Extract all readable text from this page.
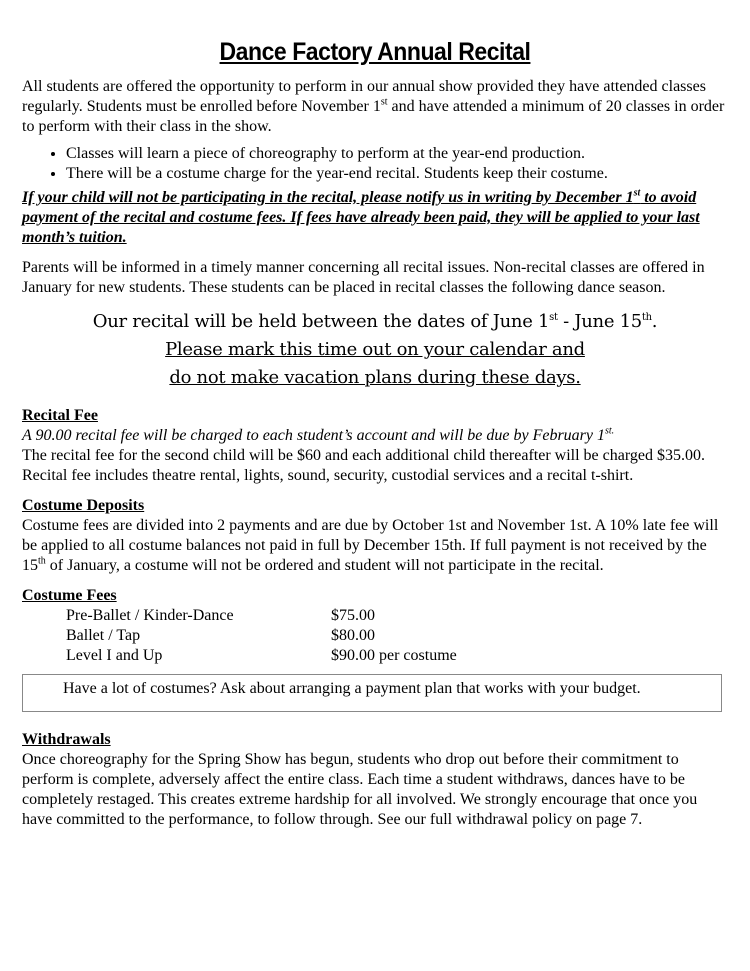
Dance Factory Annual Recital

All students are offered the opportunity to perform in our annual show provided they have attended classes regularly. Students must be enrolled before November 1st and have attended a minimum of 20 classes in order to perform with their class in the show.

• Classes will learn a piece of choreography to perform at the year-end production.
• There will be a costume charge for the year-end recital. Students keep their costume.

If your child will not be participating in the recital, please notify us in writing by December 1st to avoid payment of the recital and costume fees. If fees have already been paid, they will be applied to your last month’s tuition.

Parents will be informed in a timely manner concerning all recital issues. Non-recital classes are offered in January for new students. These students can be placed in recital classes the following dance season.

Our recital will be held between the dates of June 1st - June 15th.
Please mark this time out on your calendar and
do not make vacation plans during these days.
Recital Fee

A 90.00 recital fee will be charged to each student’s account and will be due by February $1^{st.}$

The recital fee for the second child will be $60 and each additional child thereafter will be charged $35.00. Recital fee includes theatre rental, lights, sound, security, custodial services and a recital t-shirt.

Costume Deposits

Costume fees are divided into 2 payments and are due by October 1st and November 1st. A 10% late fee will be applied to all costume balances not paid in full by December 15th. If full payment is not received by the 15th of January, a costume will not be ordered and student will not participate in the recital.

Costume Fees
Pre-Ballet / Kinder-Dance	$75.00
Ballet / Tap	$80.00
Level I and Up	$90.00 per costume
Have a lot of costumes? Ask about arranging a payment plan that works with your budget.
Withdrawals

Once choreography for the Spring Show has begun, students who drop out before their commitment to perform is complete, adversely affect the entire class. Each time a student withdraws, dances have to be completely restaged. This creates extreme hardship for all involved. We strongly encourage that once you have committed to the performance, to follow through. See our full withdrawal policy on page 7.
